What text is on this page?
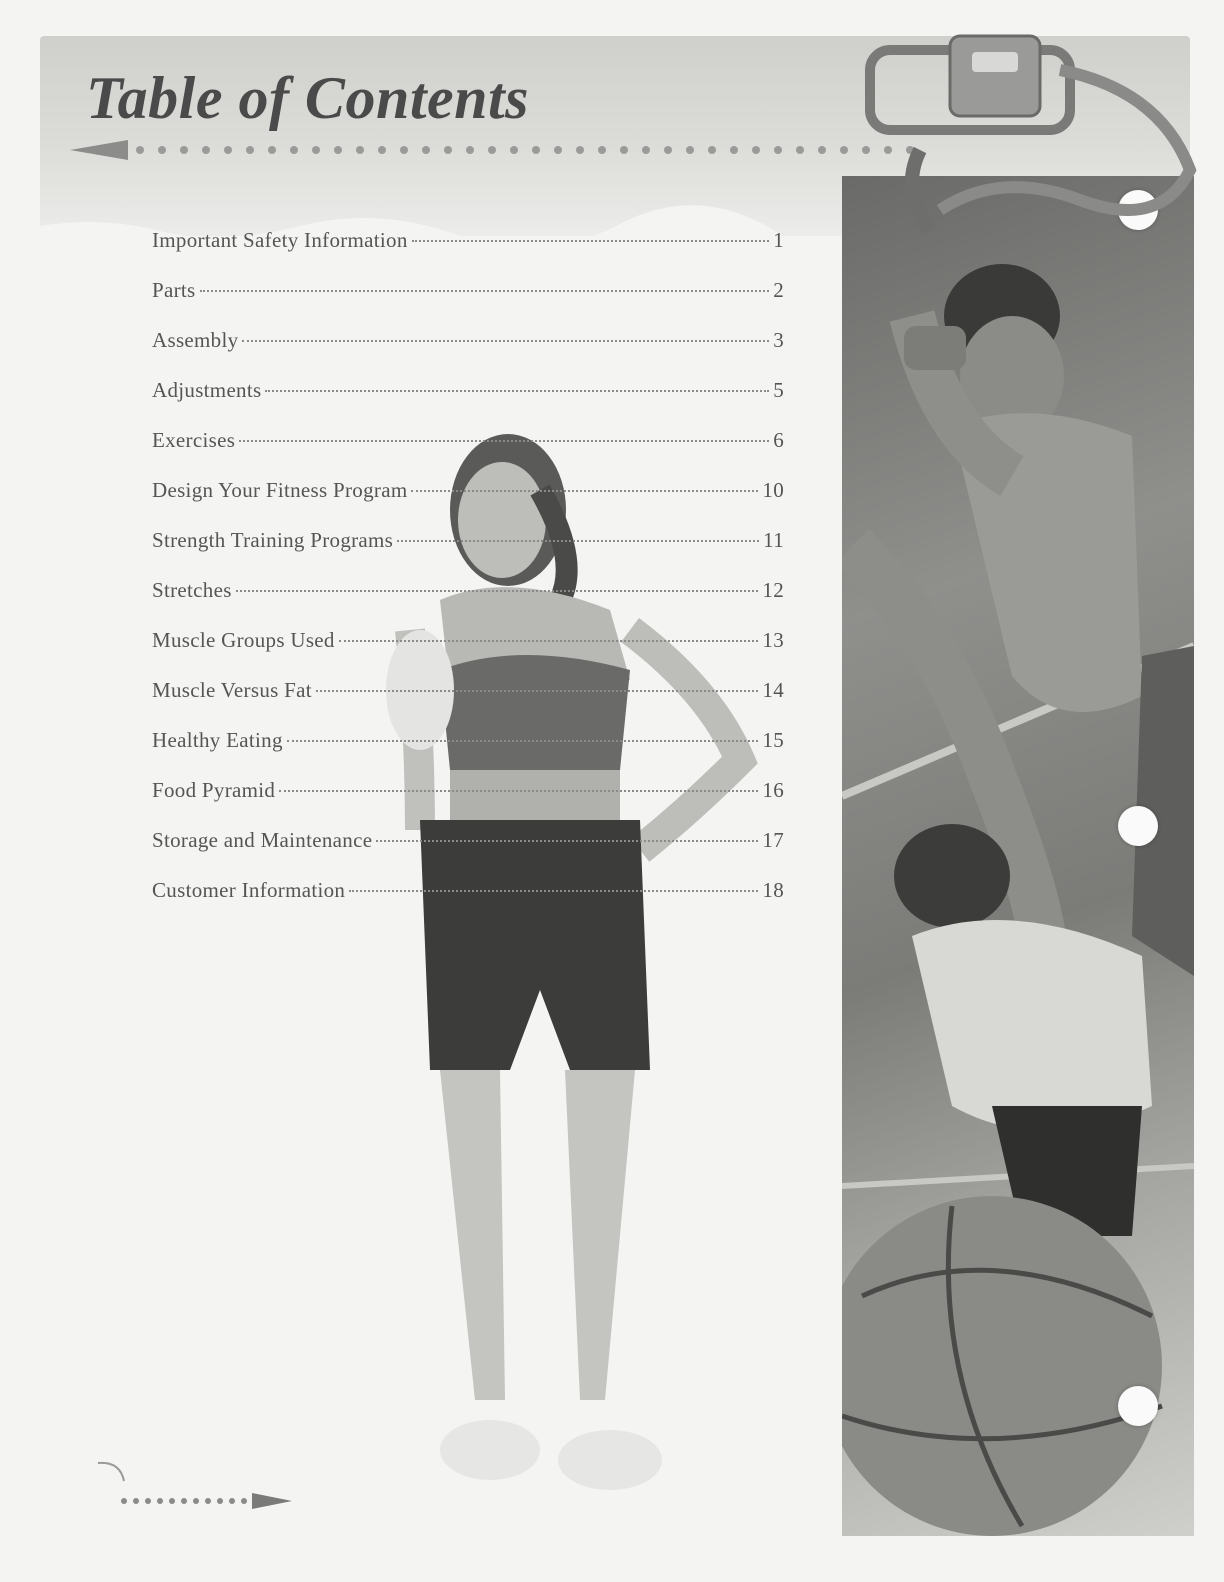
Table of Contents
Important Safety Information	1
Parts	2
Assembly	3
Adjustments	5
Exercises	6
Design Your Fitness Program	10
Strength Training Programs	11
Stretches	12
Muscle Groups Used	13
Muscle Versus Fat	14
Healthy Eating	15
Food Pyramid	16
Storage and Maintenance	17
Customer Information	18
